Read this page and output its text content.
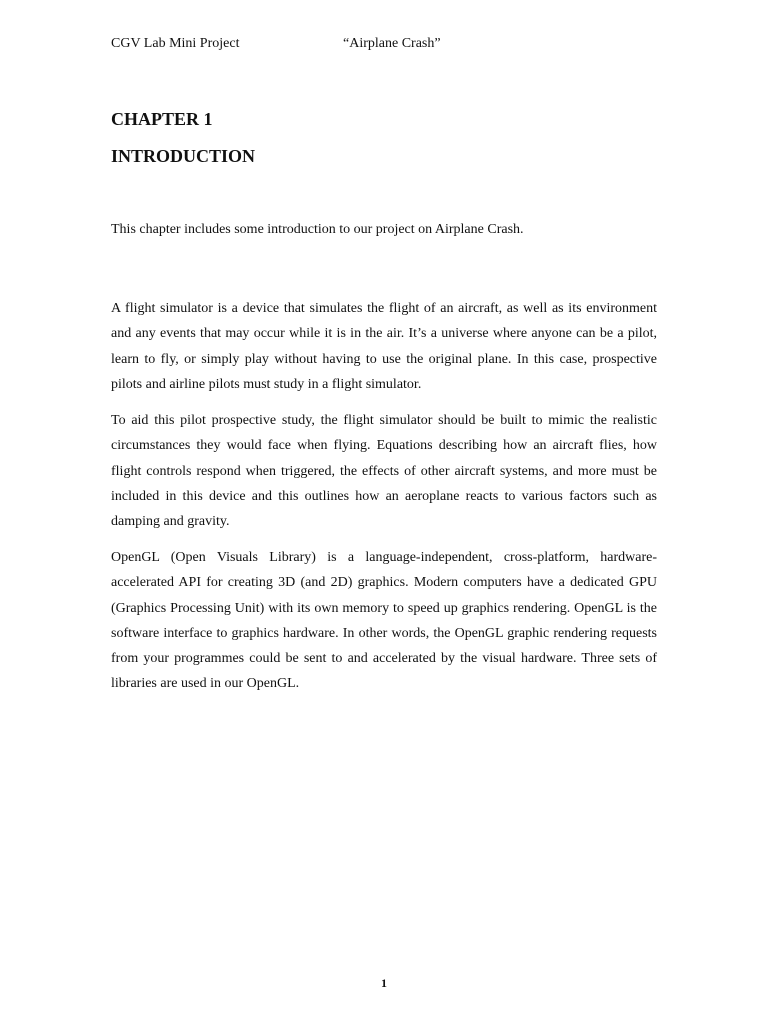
CGV Lab Mini Project	“Airplane Crash”
CHAPTER 1
INTRODUCTION
This chapter includes some introduction to our project on Airplane Crash.

A flight simulator is a device that simulates the flight of an aircraft, as well as its environment and any events that may occur while it is in the air. It’s a universe where anyone can be a pilot, learn to fly, or simply play without having to use the original plane. In this case, prospective pilots and airline pilots must study in a flight simulator.

To aid this pilot prospective study, the flight simulator should be built to mimic the realistic circumstances they would face when flying. Equations describing how an aircraft flies, how flight controls respond when triggered, the effects of other aircraft systems, and more must be included in this device and this outlines how an aeroplane reacts to various factors such as damping and gravity.

OpenGL (Open Visuals Library) is a language-independent, cross-platform, hardware-accelerated API for creating 3D (and 2D) graphics. Modern computers have a dedicated GPU (Graphics Processing Unit) with its own memory to speed up graphics rendering. OpenGL is the software interface to graphics hardware. In other words, the OpenGL graphic rendering requests from your programmes could be sent to and accelerated by the visual hardware. Three sets of libraries are used in our OpenGL.

1
